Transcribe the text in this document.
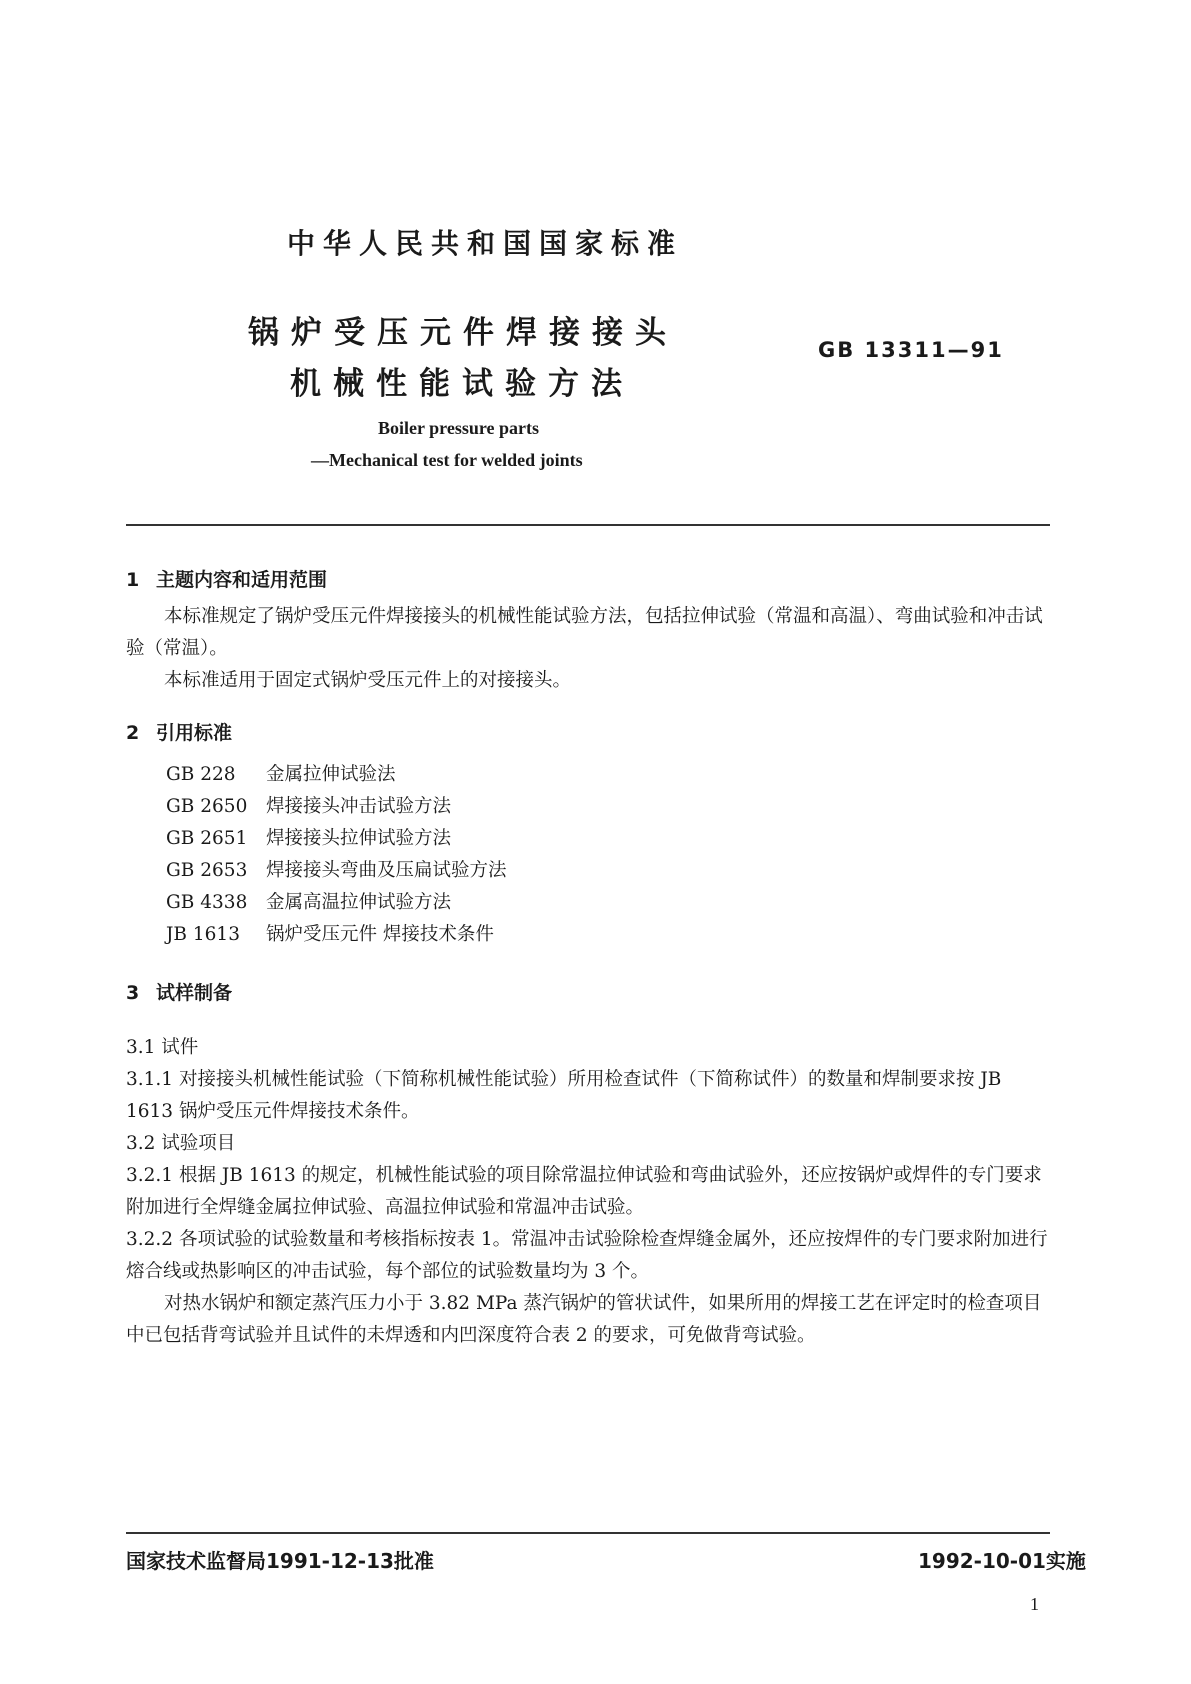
中华人民共和国国家标准
锅炉受压元件焊接接头
机械性能试验方法
GB 13311—91
Boiler pressure parts
—Mechanical test for welded joints
1 主题内容和适用范围
本标准规定了锅炉受压元件焊接接头的机械性能试验方法，包括拉伸试验（常温和高温）、弯曲试验和冲击试验（常温）。
本标准适用于固定式锅炉受压元件上的对接接头。
2 引用标准
GB 228 金属拉伸试验法
GB 2650 焊接接头冲击试验方法
GB 2651 焊接接头拉伸试验方法
GB 2653 焊接接头弯曲及压扁试验方法
GB 4338 金属高温拉伸试验方法
JB 1613 锅炉受压元件 焊接技术条件
3 试样制备
3.1 试件
3.1.1 对接接头机械性能试验（下简称机械性能试验）所用检查试件（下简称试件）的数量和焊制要求按 JB 1613 锅炉受压元件焊接技术条件。
3.2 试验项目
3.2.1 根据 JB 1613 的规定，机械性能试验的项目除常温拉伸试验和弯曲试验外，还应按锅炉或焊件的专门要求附加进行全焊缝金属拉伸试验、高温拉伸试验和常温冲击试验。
3.2.2 各项试验的试验数量和考核指标按表 1。常温冲击试验除检查焊缝金属外，还应按焊件的专门要求附加进行熔合线或热影响区的冲击试验，每个部位的试验数量均为 3 个。
对热水锅炉和额定蒸汽压力小于 3.82 MPa 蒸汽锅炉的管状试件，如果所用的焊接工艺在评定时的检查项目中已包括背弯试验并且试件的未焊透和内凹深度符合表 2 的要求，可免做背弯试验。
国家技术监督局1991-12-13批准	1992-10-01实施
1
